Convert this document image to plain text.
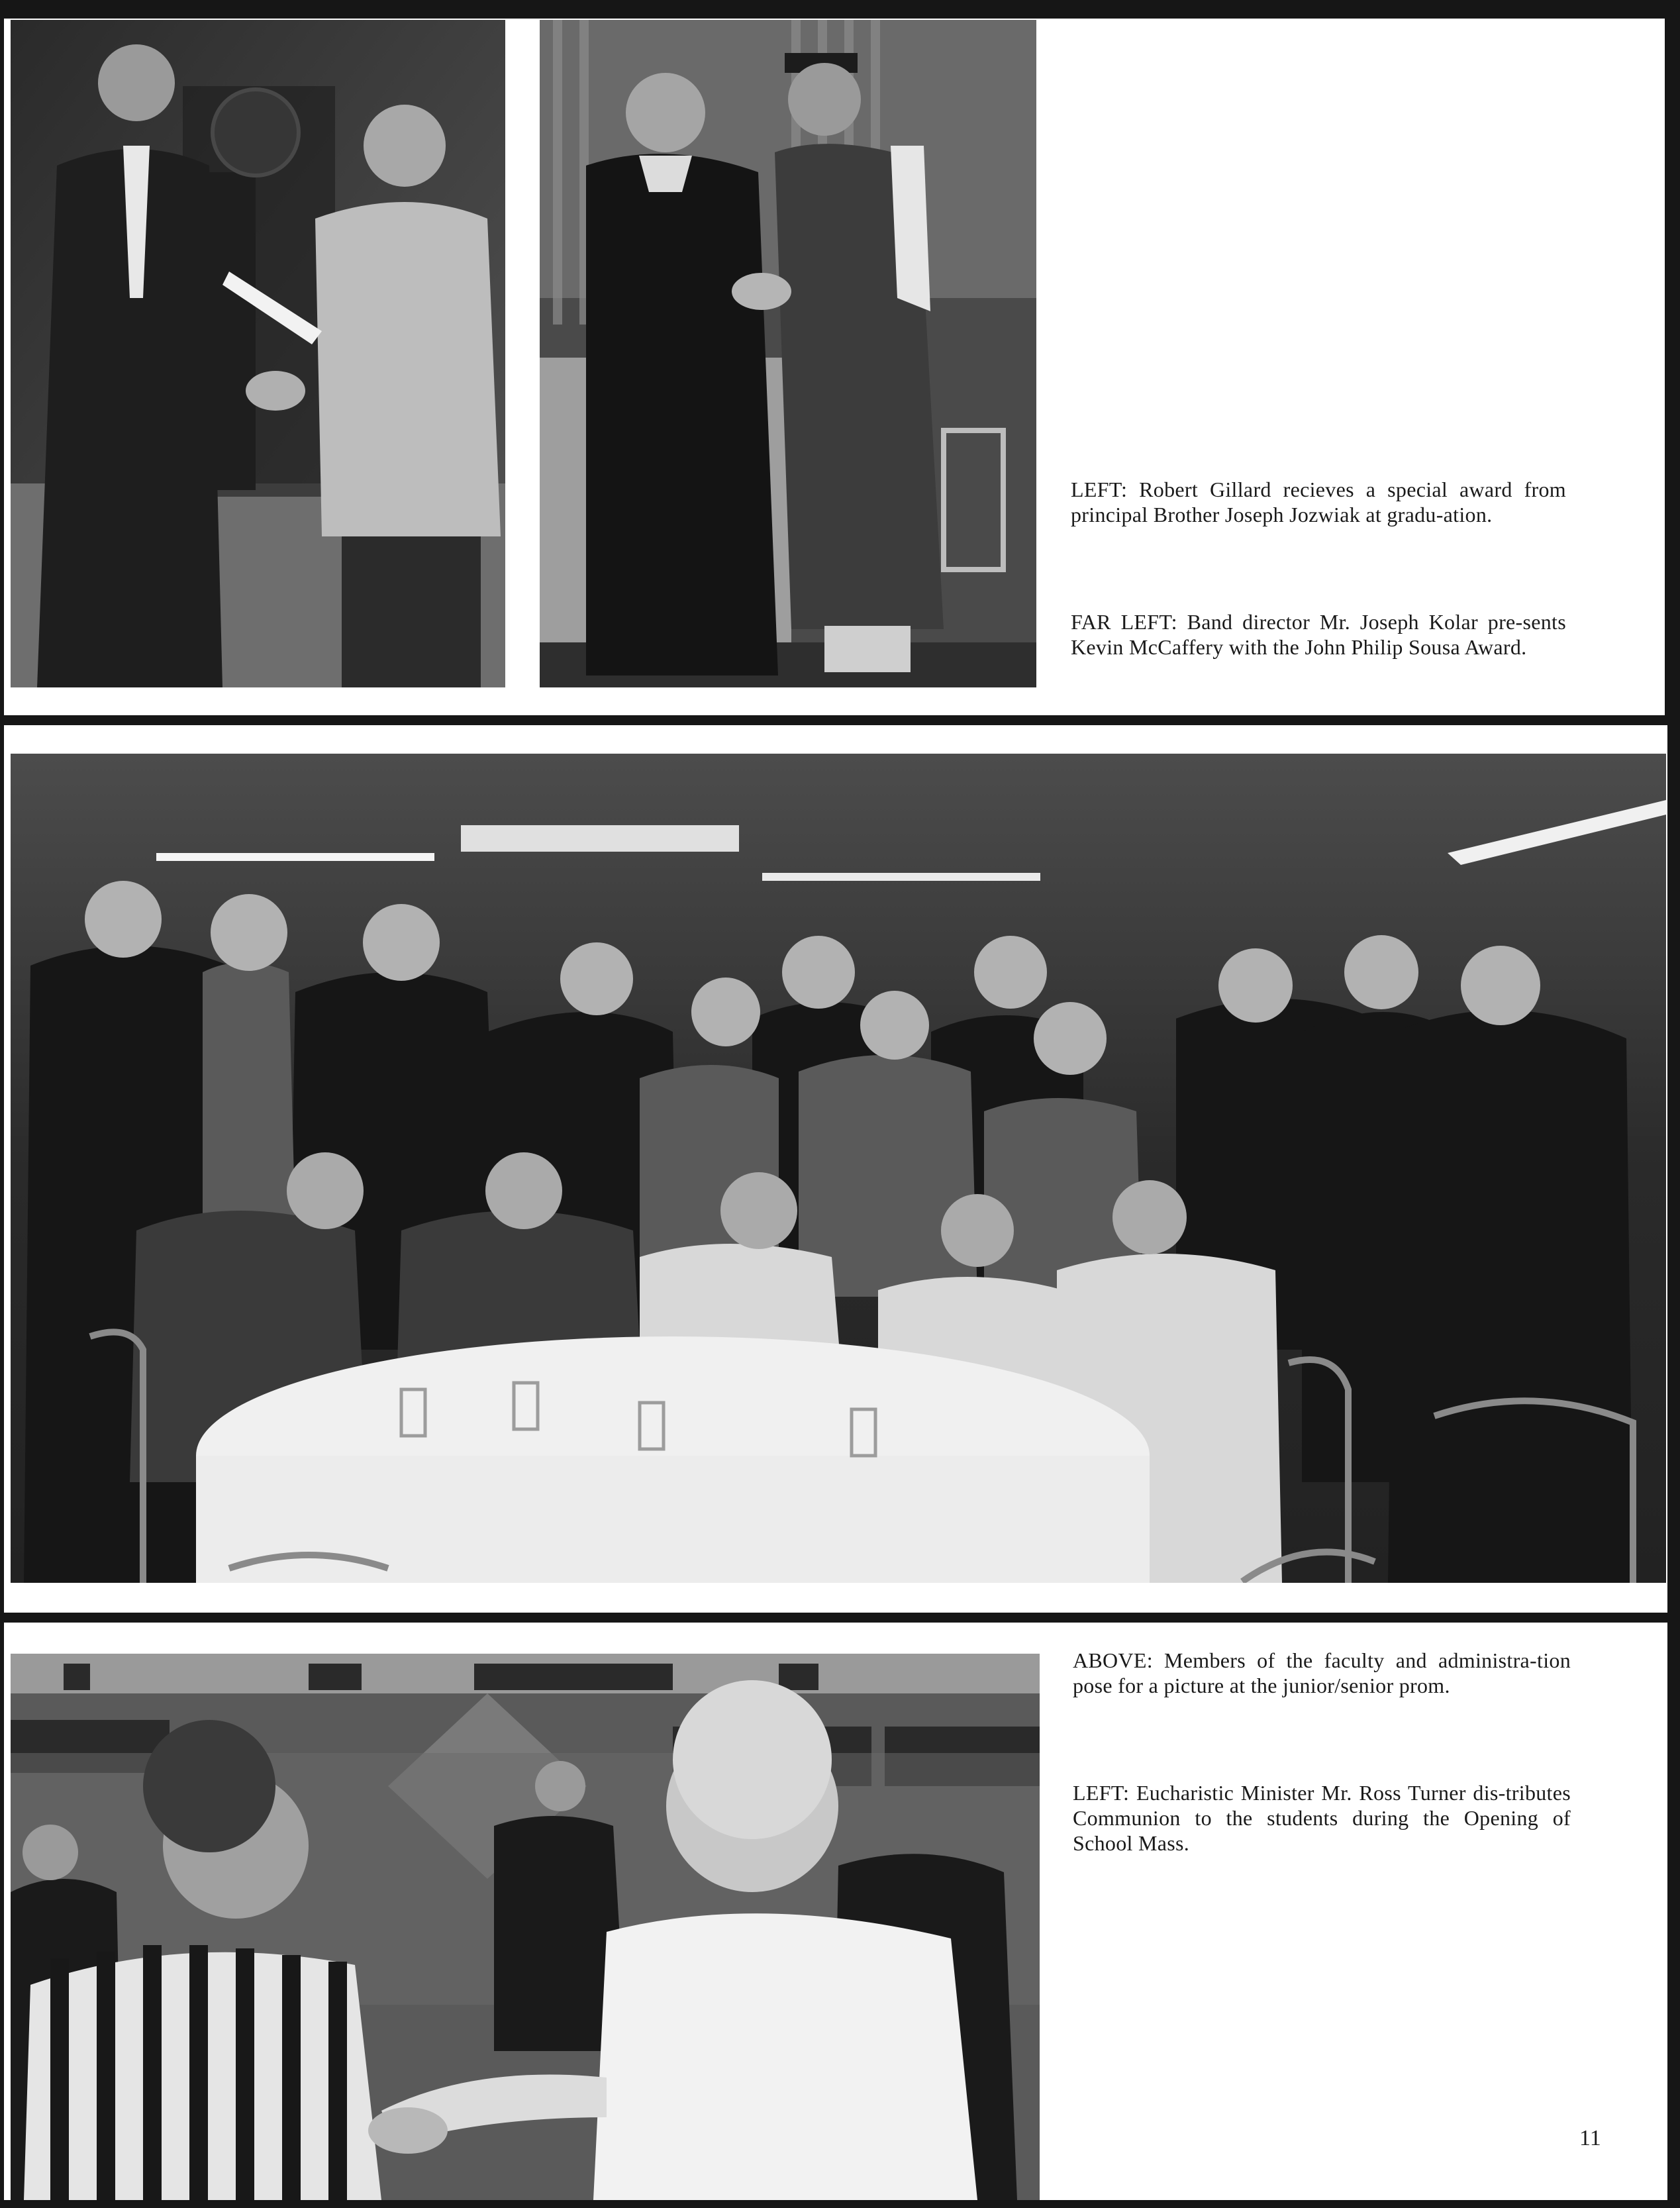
LEFT: Robert Gillard recieves a special award from principal Brother Joseph Jozwiak at gradu-ation.

FAR LEFT: Band director Mr. Joseph Kolar pre-sents Kevin McCaffery with the John Philip Sousa Award.

ABOVE: Members of the faculty and administra-tion pose for a picture at the junior/senior prom.

LEFT: Eucharistic Minister Mr. Ross Turner dis-tributes Communion to the students during the Opening of School Mass.

11
